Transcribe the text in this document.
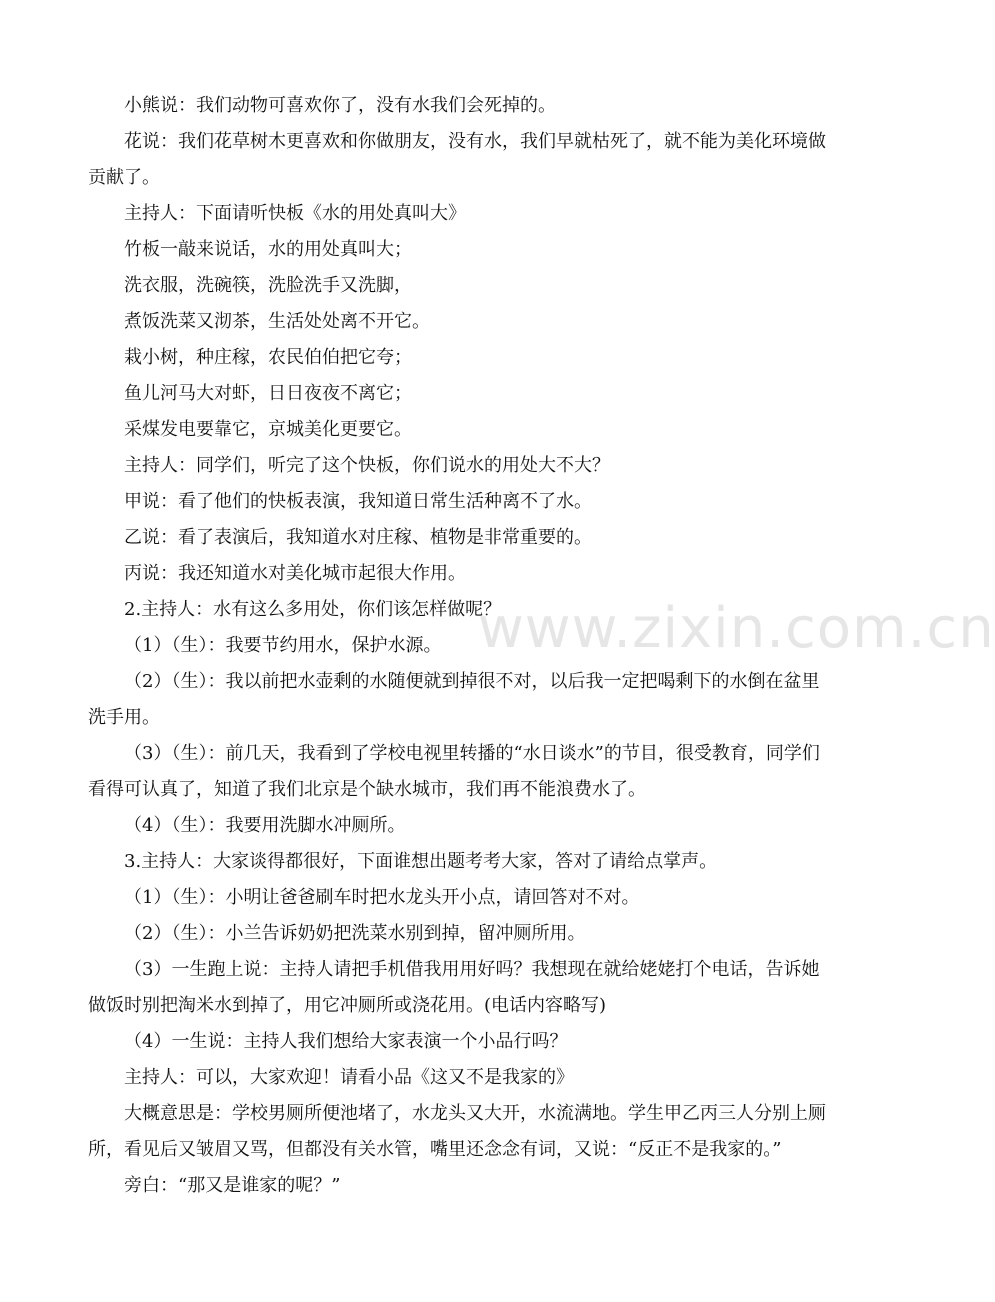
www.zixin.com.cn

小熊说：我们动物可喜欢你了，没有水我们会死掉的。

花说：我们花草树木更喜欢和你做朋友，没有水，我们早就枯死了，就不能为美化环境做贡献了。

主持人：下面请听快板《水的用处真叫大》

竹板一敲来说话，水的用处真叫大；

洗衣服，洗碗筷，洗脸洗手又洗脚，

煮饭洗菜又沏茶，生活处处离不开它。

栽小树，种庄稼，农民伯伯把它夸；

鱼儿河马大对虾，日日夜夜不离它；

采煤发电要靠它，京城美化更要它。

主持人：同学们，听完了这个快板，你们说水的用处大不大？

甲说：看了他们的快板表演，我知道日常生活种离不了水。

乙说：看了表演后，我知道水对庄稼、植物是非常重要的。

丙说：我还知道水对美化城市起很大作用。

2.主持人：水有这么多用处，你们该怎样做呢？

（1）（生）：我要节约用水，保护水源。

（2）（生）：我以前把水壶剩的水随便就到掉很不对，以后我一定把喝剩下的水倒在盆里洗手用。

（3）（生）：前几天，我看到了学校电视里转播的“水日谈水”的节目，很受教育，同学们看得可认真了，知道了我们北京是个缺水城市，我们再不能浪费水了。

（4）（生）：我要用洗脚水冲厕所。

3.主持人：大家谈得都很好，下面谁想出题考考大家，答对了请给点掌声。

（1）（生）：小明让爸爸刷车时把水龙头开小点，请回答对不对。

（2）（生）：小兰告诉奶奶把洗菜水别到掉，留冲厕所用。

（3）一生跑上说：主持人请把手机借我用用好吗？我想现在就给姥姥打个电话，告诉她做饭时别把淘米水到掉了，用它冲厕所或浇花用。(电话内容略写)

（4）一生说：主持人我们想给大家表演一个小品行吗？

主持人：可以，大家欢迎！请看小品《这又不是我家的》

大概意思是：学校男厕所便池堵了，水龙头又大开，水流满地。学生甲乙丙三人分别上厕所，看见后又皱眉又骂，但都没有关水管，嘴里还念念有词，又说：“反正不是我家的。”

旁白：“那又是谁家的呢？”
